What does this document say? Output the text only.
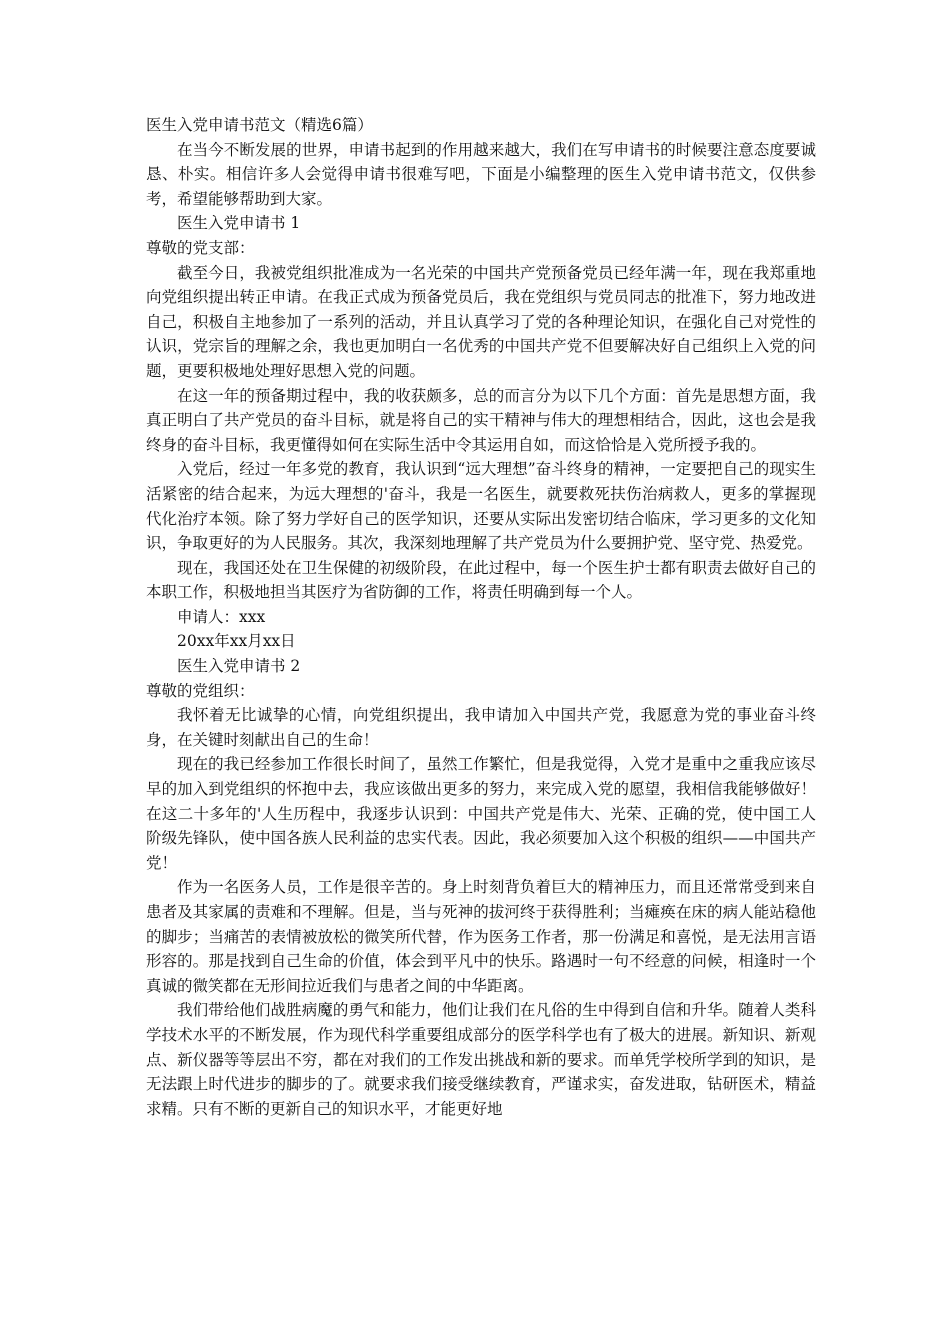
医生入党申请书范文（精选6篇）

在当今不断发展的世界，申请书起到的作用越来越大，我们在写申请书的时候要注意态度要诚恳、朴实。相信许多人会觉得申请书很难写吧，下面是小编整理的医生入党申请书范文，仅供参考，希望能够帮助到大家。

医生入党申请书 1

尊敬的党支部：

截至今日，我被党组织批准成为一名光荣的中国共产党预备党员已经年满一年，现在我郑重地向党组织提出转正申请。在我正式成为预备党员后，我在党组织与党员同志的批准下，努力地改进自己，积极自主地参加了一系列的活动，并且认真学习了党的各种理论知识，在强化自己对党性的认识，党宗旨的理解之余，我也更加明白一名优秀的中国共产党不但要解决好自己组织上入党的问题，更要积极地处理好思想入党的问题。

在这一年的预备期过程中，我的收获颇多，总的而言分为以下几个方面：首先是思想方面，我真正明白了共产党员的奋斗目标，就是将自己的实干精神与伟大的理想相结合，因此，这也会是我终身的奋斗目标，我更懂得如何在实际生活中令其运用自如，而这恰恰是入党所授予我的。

入党后，经过一年多党的教育，我认识到“远大理想”奋斗终身的精神，一定要把自己的现实生活紧密的结合起来，为远大理想的'奋斗，我是一名医生，就要救死扶伤治病救人，更多的掌握现代化治疗本领。除了努力学好自己的医学知识，还要从实际出发密切结合临床，学习更多的文化知识，争取更好的为人民服务。其次，我深刻地理解了共产党员为什么要拥护党、坚守党、热爱党。

现在，我国还处在卫生保健的初级阶段，在此过程中，每一个医生护士都有职责去做好自己的本职工作，积极地担当其医疗为省防御的工作，将责任明确到每一个人。

申请人：xxx

20xx年xx月xx日

医生入党申请书 2

尊敬的党组织：

我怀着无比诚挚的心情，向党组织提出，我申请加入中国共产党，我愿意为党的事业奋斗终身，在关键时刻献出自己的生命！

现在的我已经参加工作很长时间了，虽然工作繁忙，但是我觉得，入党才是重中之重我应该尽早的加入到党组织的怀抱中去，我应该做出更多的努力，来完成入党的愿望，我相信我能够做好！在这二十多年的'人生历程中，我逐步认识到：中国共产党是伟大、光荣、正确的党，使中国工人阶级先锋队，使中国各族人民利益的忠实代表。因此，我必须要加入这个积极的组织——中国共产党！

作为一名医务人员，工作是很辛苦的。身上时刻背负着巨大的精神压力，而且还常常受到来自患者及其家属的责难和不理解。但是，当与死神的拔河终于获得胜利；当瘫痪在床的病人能站稳他的脚步；当痛苦的表情被放松的微笑所代替，作为医务工作者，那一份满足和喜悦，是无法用言语形容的。那是找到自己生命的价值，体会到平凡中的快乐。路遇时一句不经意的问候，相逢时一个真诚的微笑都在无形间拉近我们与患者之间的中华距离。

我们带给他们战胜病魔的勇气和能力，他们让我们在凡俗的生中得到自信和升华。随着人类科学技术水平的不断发展，作为现代科学重要组成部分的医学科学也有了极大的进展。新知识、新观点、新仪器等等层出不穷，都在对我们的工作发出挑战和新的要求。而单凭学校所学到的知识，是无法跟上时代进步的脚步的了。就要求我们接受继续教育，严谨求实，奋发进取，钻研医术，精益求精。只有不断的更新自己的知识水平，才能更好地
